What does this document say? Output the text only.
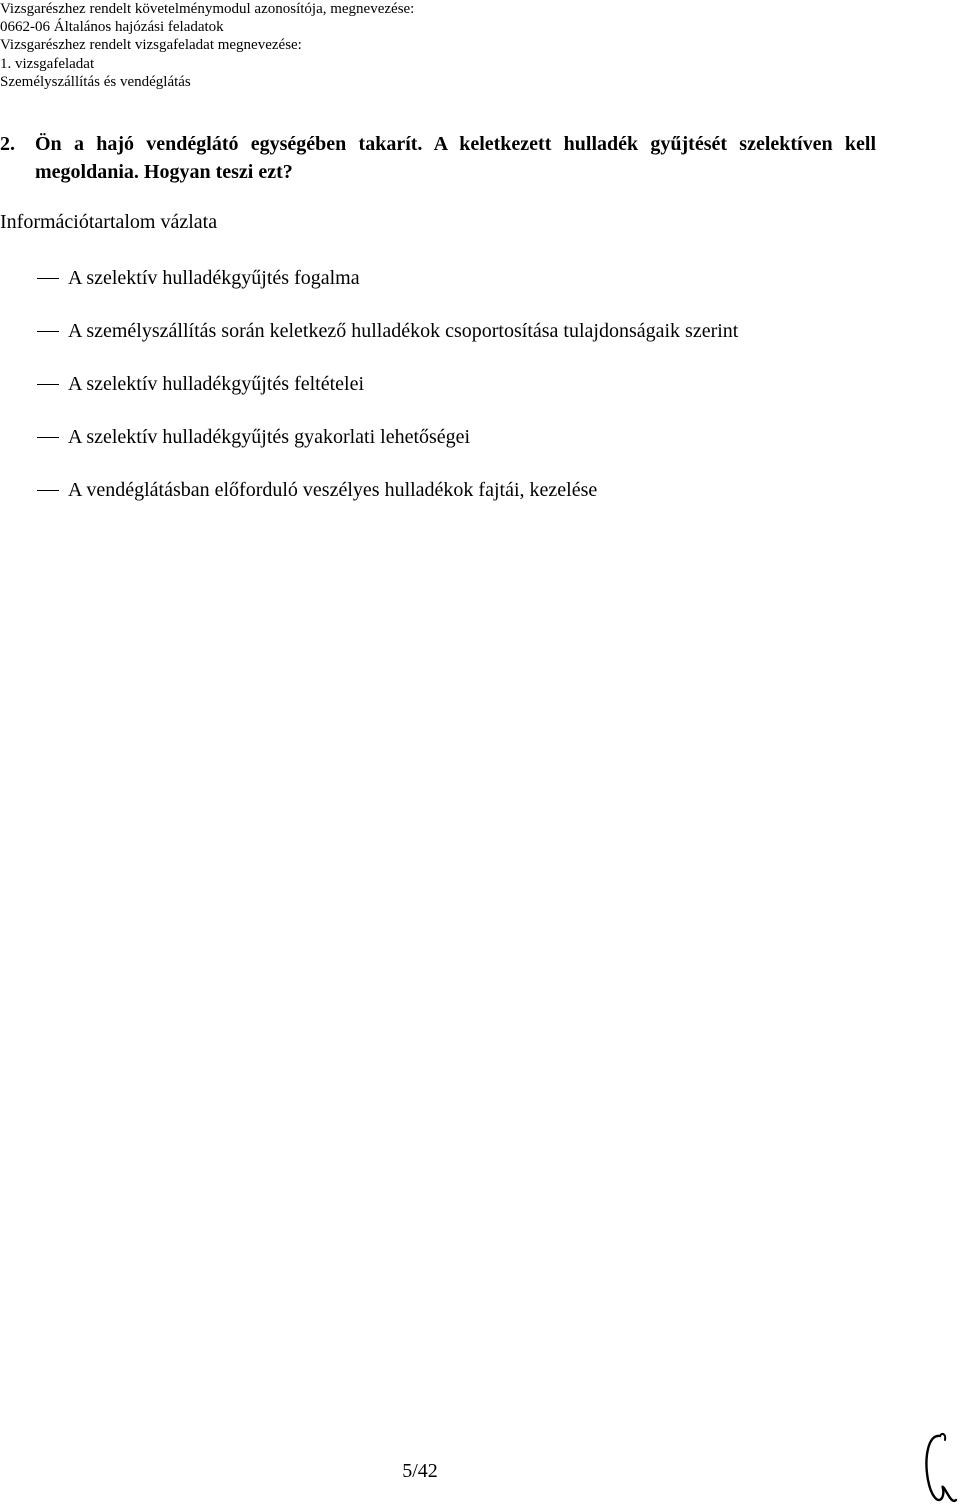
Vizsgarészhez rendelt követelménymodul azonosítója, megnevezése:
0662-06 Általános hajózási feladatok
Vizsgarészhez rendelt vizsgafeladat megnevezése:
1. vizsgafeladat
Személyszállítás és vendéglátás
2. Ön a hajó vendéglátó egységében takarít. A keletkezett hulladék gyűjtését szelektíven kell megoldania. Hogyan teszi ezt?
Információtartalom vázlata
A szelektív hulladékgyűjtés fogalma
A személyszállítás során keletkező hulladékok csoportosítása tulajdonságaik szerint
A szelektív hulladékgyűjtés feltételei
A szelektív hulladékgyűjtés gyakorlati lehetőségei
A vendéglátásban előforduló veszélyes hulladékok fajtái, kezelése
5/42
